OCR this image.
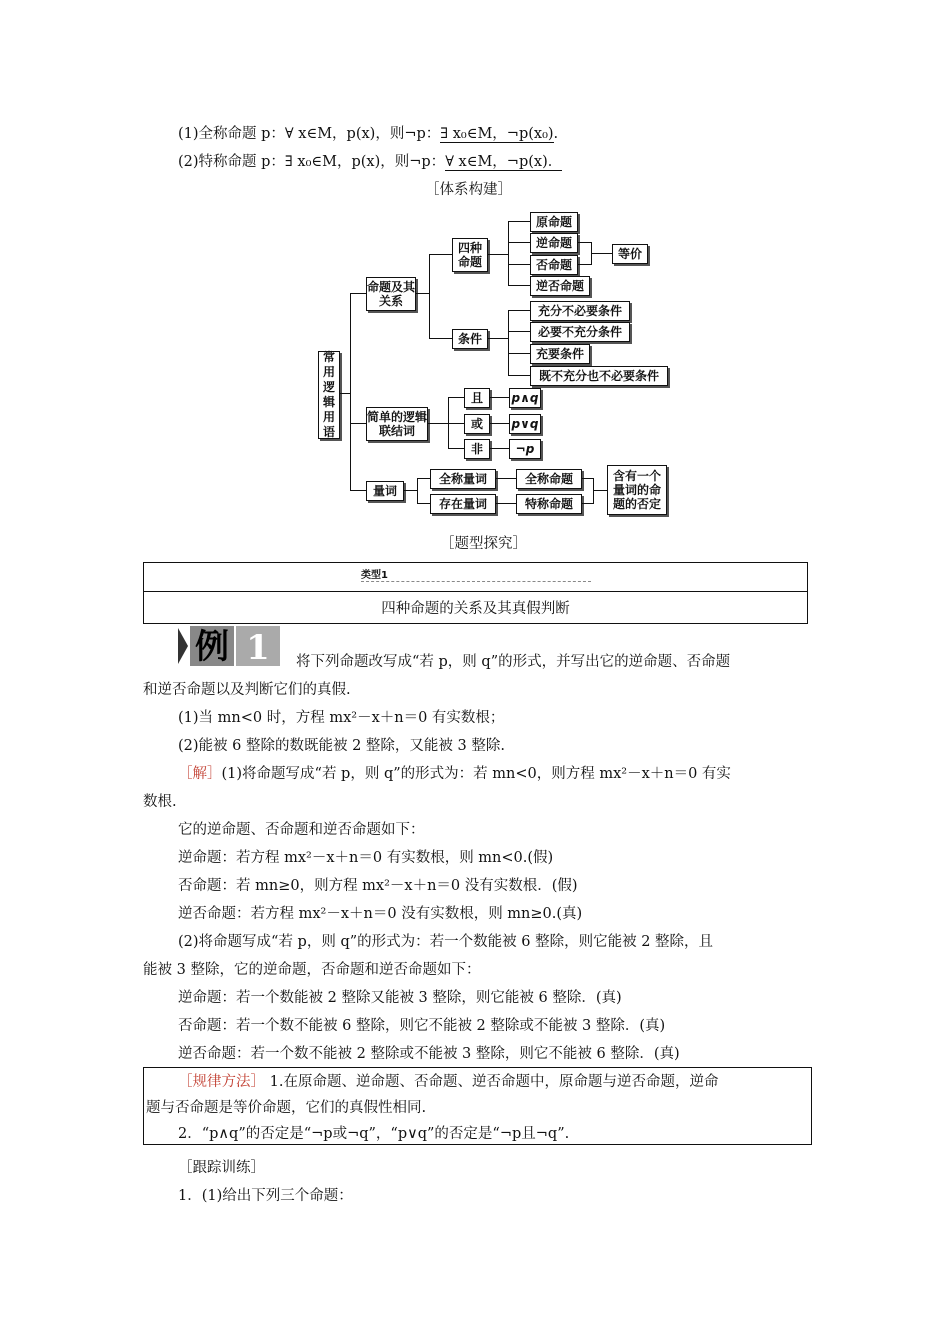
(1)全称命题 p：∀ x∈M，p(x)，则¬p：∃ x₀∈M，¬p(x₀).
(2)特称命题 p：∃ x₀∈M，p(x)，则¬p：∀ x∈M，¬p(x)．
［体系构建］
常用逻辑用语
命题及其关系
简单的逻辑联结词
量词
四种命题
条件
原命题
逆命题
否命题
逆否命题
等价
充分不必要条件
必要不充分条件
充要条件
既不充分也不必要条件
且
或
非
p∧q
p∨q
¬p
全称量词
存在量词
全称命题
特称命题
含有一个量词的命题的否定
［题型探究］
类型1
四种命题的关系及其真假判断
例 1 将下列命题改写成“若 p，则 q”的形式，并写出它的逆命题、否命题
和逆否命题以及判断它们的真假.
(1)当 mn<0 时，方程 mx²－x＋n＝0 有实数根；
(2)能被 6 整除的数既能被 2 整除，又能被 3 整除.
［解］(1)将命题写成“若 p，则 q”的形式为：若 mn<0，则方程 mx²－x＋n＝0 有实
数根.
它的逆命题、否命题和逆否命题如下：
逆命题：若方程 mx²－x＋n＝0 有实数根，则 mn<0.(假)
否命题：若 mn≥0，则方程 mx²－x＋n＝0 没有实数根．(假)
逆否命题：若方程 mx²－x＋n＝0 没有实数根，则 mn≥0.(真)
(2)将命题写成“若 p，则 q”的形式为：若一个数能被 6 整除，则它能被 2 整除，且
能被 3 整除，它的逆命题，否命题和逆否命题如下：
逆命题：若一个数能被 2 整除又能被 3 整除，则它能被 6 整除．(真)
否命题：若一个数不能被 6 整除，则它不能被 2 整除或不能被 3 整除．(真)
逆否命题：若一个数不能被 2 整除或不能被 3 整除，则它不能被 6 整除．(真)
［规律方法］ 1.在原命题、逆命题、否命题、逆否命题中，原命题与逆否命题，逆命
题与否命题是等价命题，它们的真假性相同.
2．“p∧q”的否定是“¬p或¬q”，“p∨q”的否定是“¬p且¬q”.
［跟踪训练］
1．(1)给出下列三个命题：
